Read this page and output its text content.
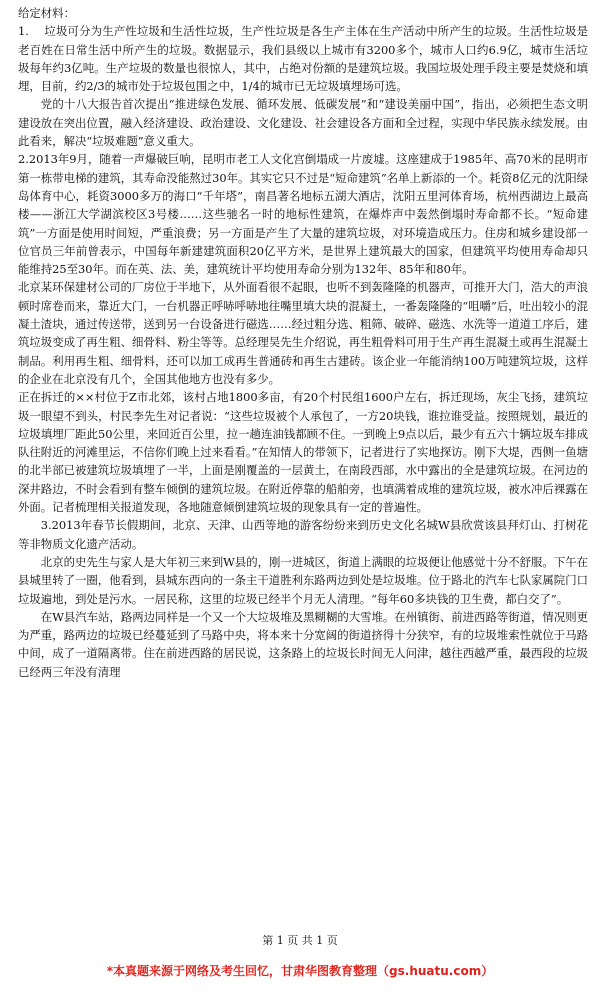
给定材料：

1.　 垃圾可分为生产性垃圾和生活性垃圾，生产性垃圾是各生产主体在生产活动中所产生的垃圾。生活性垃圾是老百姓在日常生活中所产生的垃圾。数据显示，我们县级以上城市有3200多个，城市人口约6.9亿，城市生活垃圾每年约3亿吨。生产垃圾的数量也很惊人，其中，占绝对份额的是建筑垃圾。我国垃圾处理手段主要是焚烧和填埋，目前，约2/3的城市处于垃圾包围之中，1/4的城市已无垃圾填埋场可选。

党的十八大报告首次提出“推进绿色发展、循环发展、低碳发展”和“建设美丽中国”，指出，必须把生态文明建设放在突出位置，融入经济建设、政治建设、文化建设、社会建设各方面和全过程，实现中华民族永续发展。由此看来，解决“垃圾难题”意义重大。

2.2013年9月，随着一声爆破巨响，昆明市老工人文化宫倒塌成一片废墟。这座建成于1985年、高70米的昆明市第一栋带电梯的建筑，其寿命没能熬过30年。其实它只不过是“短命建筑”名单上新添的一个。耗资8亿元的沈阳绿岛体育中心，耗资3000多万的海口“千年塔”，南昌著名地标五湖大酒店，沈阳五里河体育场，杭州西湖边上最高楼——浙江大学湖滨校区3号楼……这些驰名一时的地标性建筑，在爆炸声中轰然倒塌时寿命都不长。“短命建筑”一方面是使用时间短，严重浪费；另一方面是产生了大量的建筑垃圾，对环境造成压力。住房和城乡建设部一位官员三年前曾表示，中国每年新建建筑面积20亿平方米，是世界上建筑最大的国家，但建筑平均使用寿命却只能维持25至30年。而在英、法、美，建筑统计平均使用寿命分别为132年、85年和80年。

北京某环保建材公司的厂房位于半地下，从外面看很不起眼，也听不到轰隆隆的机器声，可推开大门，浩大的声浪顿时席卷而来，靠近大门，一台机器正呼哧呼哧地往嘴里填大块的混凝土，一番轰隆隆的“咀嚼”后，吐出较小的混凝土渣块，通过传送带，送到另一台设备进行磁选……经过粗分选、粗筛、破碎、磁选、水洗等一道道工序后，建筑垃圾变成了再生粗、细骨料、粉尘等等。总经理吴先生介绍说，再生粗骨料可用于生产再生混凝土或再生混凝土制品。利用再生粗、细骨料，还可以加工成再生普通砖和再生古建砖。该企业一年能消纳100万吨建筑垃圾，这样的企业在北京没有几个，全国其他地方也没有多少。

正在拆迁的××村位于Z市北郊，该村占地1800多亩，有20个村民组1600户左右，拆迁现场，灰尘飞扬，建筑垃圾一眼望不到头，村民李先生对记者说：“这些垃圾被个人承包了，一方20块钱，谁拉谁受益。按照规划，最近的垃圾填埋厂距此50公里，来回近百公里，拉一趟连油钱都顾不住。一到晚上9点以后，最少有五六十辆垃圾车排成队往附近的河滩里运，不信你们晚上过来看看。”在知情人的带领下，记者进行了实地探访。刚下大堤，西侧一鱼塘的北半部已被建筑垃圾填埋了一半，上面是刚覆盖的一层黄土，在南段西部，水中露出的全是建筑垃圾。在河边的深井路边，不时会看到有整车倾倒的建筑垃圾。在附近停靠的船舶旁，也填满着成堆的建筑垃圾，被水冲后裸露在外面。记者梳理相关报道发现，各地随意倾倒建筑垃圾的现象具有一定的普遍性。

3.2013年春节长假期间，北京、天津、山西等地的游客纷纷来到历史文化名城W县欣赏该县拜灯山、打树花等非物质文化遗产活动。

北京的史先生与家人是大年初三来到W县的，刚一进城区，街道上满眼的垃圾便让他感觉十分不舒服。下午在县城里转了一圈，他看到，县城东西向的一条主干道胜利东路两边到处是垃圾堆。位于路北的汽车七队家属院门口垃圾遍地，到处是污水。一居民称，这里的垃圾已经半个月无人清理。“每年60多块钱的卫生费，都白交了”。

在W县汽车站，路两边同样是一个又一个大垃圾堆及黑糊糊的大雪堆。在州镇街、前进西路等街道，情况则更为严重，路两边的垃圾已经蔓延到了马路中央，将本来十分宽阔的街道挤得十分狭窄，有的垃圾堆索性就位于马路中间，成了一道隔离带。住在前进西路的居民说，这条路上的垃圾长时间无人问津，越往西越严重，最西段的垃圾已经两三年没有清理

第 1 页 共 1 页
*本真题来源于网络及考生回忆，甘肃华图教育整理（gs.huatu.com）
